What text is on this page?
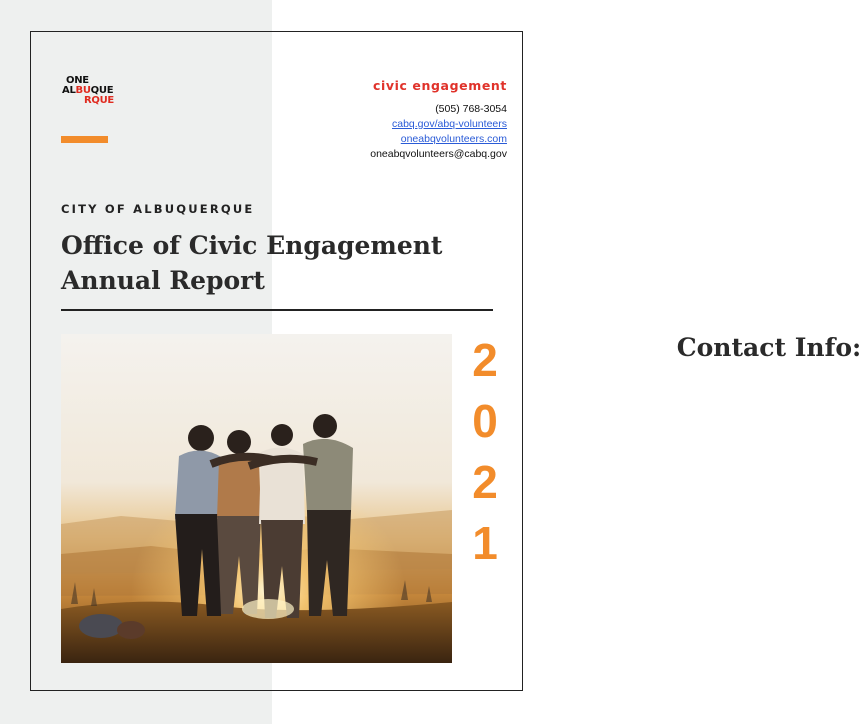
ONE
ALBUQUE
RQUE
civic engagement
Contact Info:
(505) 768-3054
cabq.gov/abq-volunteers
oneabqvolunteers.com
oneabqvolunteers@cabq.gov
CITY OF ALBUQUERQUE
Office of Civic Engagement
Annual Report
2
0
2
1
